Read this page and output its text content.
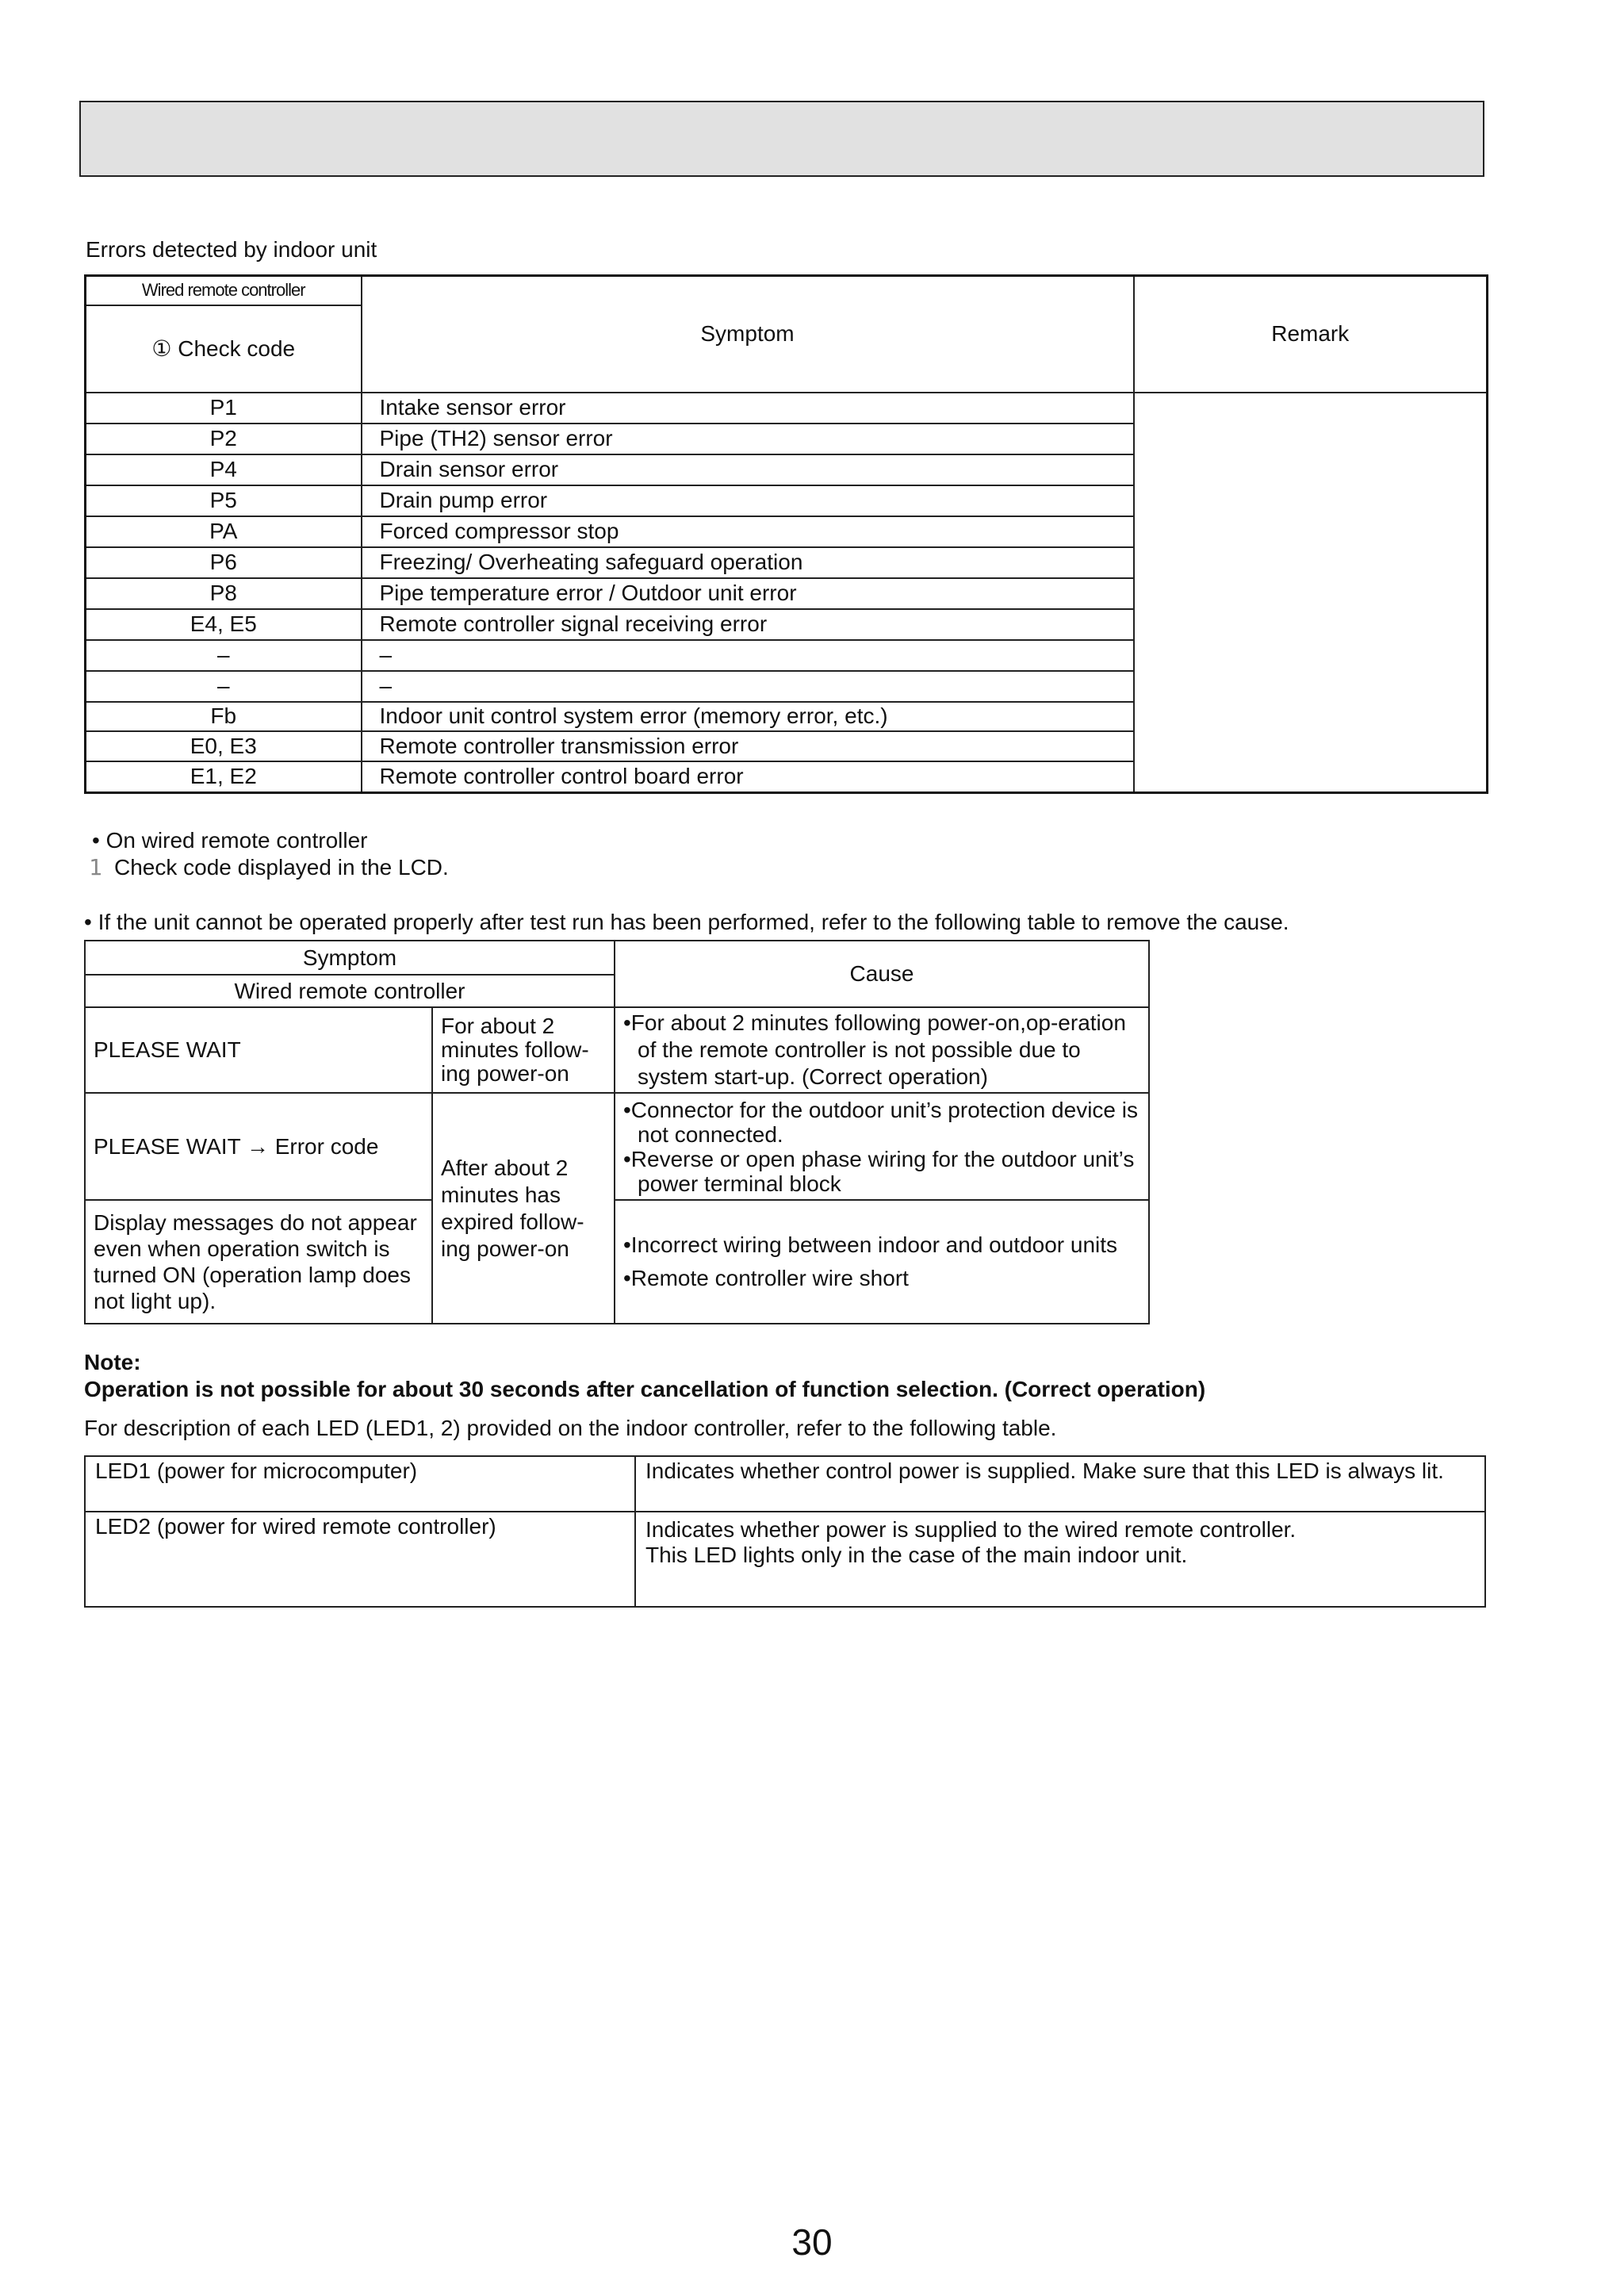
Errors detected by indoor unit
Wired remote controller	Symptom	Remark
① Check code		
P1	Intake sensor error	
P2	Pipe (TH2) sensor error	
P4	Drain sensor error	
P5	Drain pump error	
PA	Forced compressor stop	
P6	Freezing/ Overheating safeguard operation	
P8	Pipe temperature error / Outdoor unit error	
E4, E5	Remote controller signal receiving error	
–	–	
–	–	
Fb	Indoor unit control system error (memory error, etc.)	
E0, E3	Remote controller transmission error	
E1, E2	Remote controller control board error	
• On wired remote controller
1 Check code displayed in the LCD.
• If the unit cannot be operated properly after test run has been performed, refer to the following table to remove the cause.
Symptom		Cause
Wired remote controller		
PLEASE WAIT	For about 2 minutes follow-ing power-on	•For about 2 minutes following power-on,op-eration of the remote controller is not possible due to system start-up. (Correct operation)

PLEASE WAIT → Error code	After about 2 minutes has expired follow-ing power-on	•Connector for the outdoor unit’s protection device is not connected.
•Reverse or open phase wiring for the outdoor unit’s power terminal block

Display messages do not appear even when operation switch is turned ON (operation lamp does not light up).		•Incorrect wiring between indoor and outdoor units
•Remote controller wire short
Note:
Operation is not possible for about 30 seconds after cancellation of function selection. (Correct operation)
For description of each LED (LED1, 2) provided on the indoor controller, refer to the following table.
LED1 (power for microcomputer)	Indicates whether control power is supplied. Make sure that this LED is always lit.
LED2 (power for wired remote controller)	Indicates whether power is supplied to the wired remote controller.
This LED lights only in the case of the main indoor unit.
30
